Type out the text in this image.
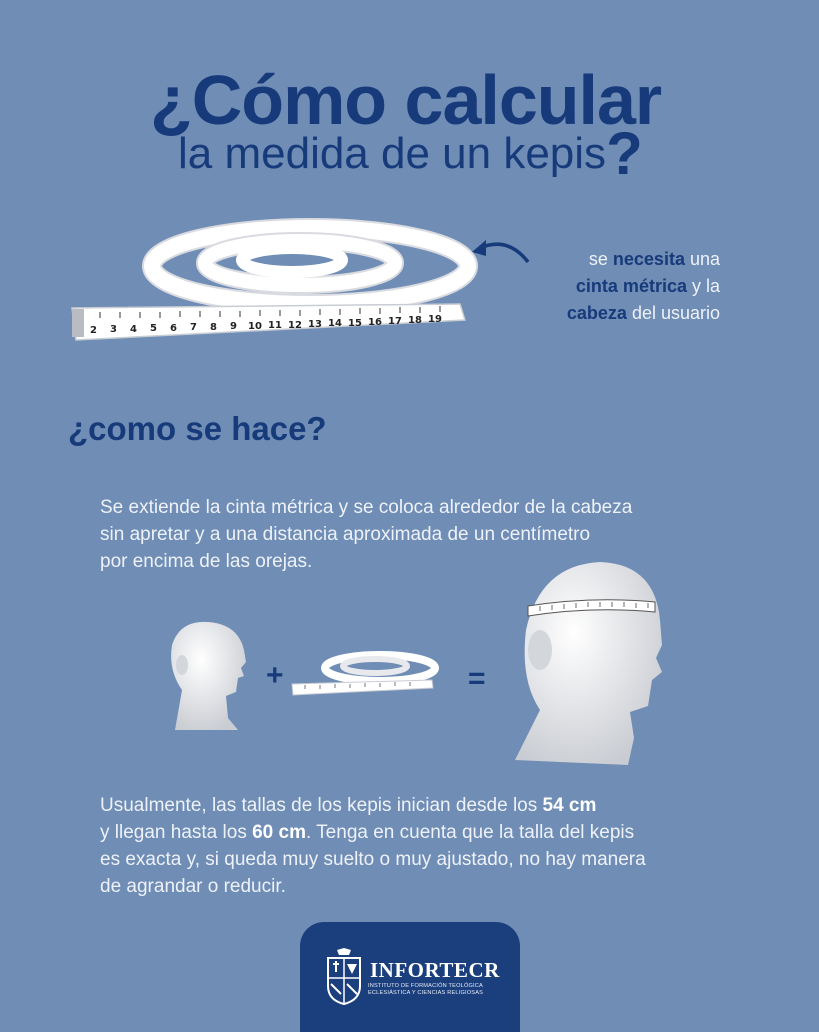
¿Cómo calcular
la medida de un kepis?
2 3 4 5 6 7 8 9 10 11 12 13 14 15 16 17 18 19
se necesita una
cinta métrica y la
cabeza del usuario
¿como se hace?

Se extiende la cinta métrica y se coloca alrededor de la cabeza

sin apretar y a una distancia aproximada de un centímetro

por encima de las orejas.

+	=

Usualmente, las tallas de los kepis inician desde los 54 cm

y llegan hasta los 60 cm. Tenga en cuenta que la talla del kepis

es exacta y, si queda muy suelto o muy ajustado, no hay manera

de agrandar o reducir.

INFORTECR
INSTITUTO DE FORMACIÓN TEOLÓGICA
ECLESIÁSTICA Y CIENCIAS RELIGIOSAS
